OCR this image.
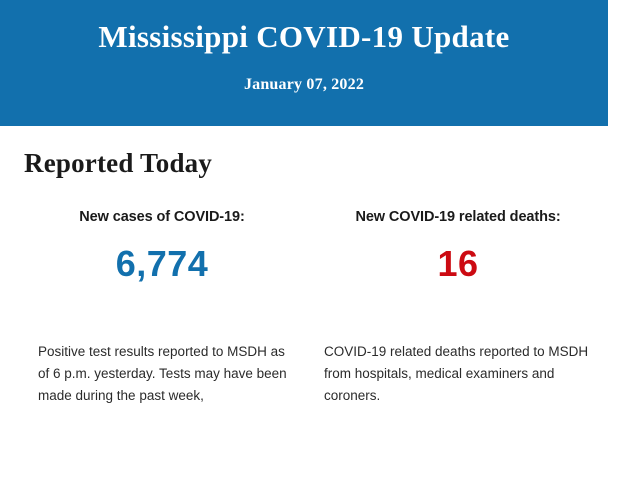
Mississippi COVID-19 Update
January 07, 2022
Reported Today
New cases of COVID-19:
6,774
Positive test results reported to MSDH as of 6 p.m. yesterday. Tests may have been made during the past week,
New COVID-19 related deaths:
16
COVID-19 related deaths reported to MSDH from hospitals, medical examiners and coroners.
